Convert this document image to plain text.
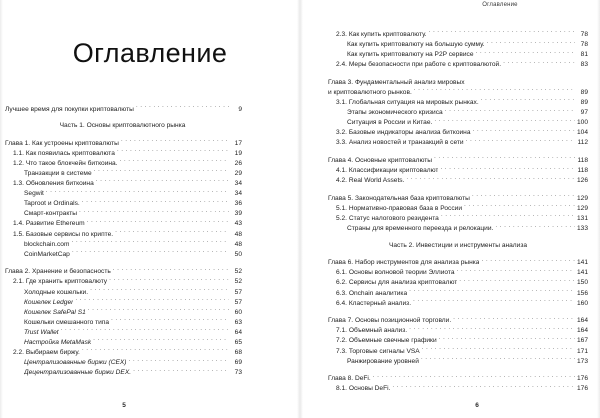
Оглавление
Лучшее время для покупки криптовалюты . . .	9
Часть 1. Основы криптовалютного рынка
Глава 1. Как устроены криптовалюты . . .	17
1.1. Как появилась криптовалюта . . .	19
1.2. Что такое блокчейн биткоина. . . .	26
Транзакции в системе . . .	29
1.3. Обновления биткоина . . .	34
Segwit . . .	34
Taproot и Ordinals. . . .	36
Смарт-контракты . . .	39
1.4. Развитие Ethereum . . .	43
1.5. Базовые сервисы по крипте. . . .	48
blockchain.com . . .	48
CoinMarketCap . . .	50
Глава 2. Хранение и безопасность . . .	52
2.1. Где хранить криптовалюту . . .	52
Холодные кошельки. . . .	57
Кошелек Ledger . . .	57
Кошелек SafePal S1 . . .	60
Кошельки смешанного типа . . .	63
Trust Wallet . . .	64
Настройка MetaMask . . .	65
2.2. Выбираем биржу. . . .	68
Централизованные биржи (CEX) . . .	69
Децентрализованные биржи DEX. . . .	73
5
Оглавление
2.3. Как купить криптовалюту. . . .	78
Как купить криптовалюту на большую сумму. . . .	78
Как купить криптовалюту на P2P сервисе . . .	81
2.4. Меры безопасности при работе с криптовалютой. . . .	83
Глава 3. Фундаментальный анализ мировых
и криптовалютного рынков. . . .	89
3.1. Глобальная ситуация на мировых рынках. . . .	89
Этапы экономического кризиса . . .	97
Ситуация в России и Китае. . . .	100
3.2. Базовые индикаторы анализа биткоина . . .	104
3.3. Анализ новостей и транзакций в сети . . .	112
Глава 4. Основные криптовалюты . . .	118
4.1. Классификации криптовалют . . .	118
4.2. Real World Assets. . . .	126
Глава 5. Законодательная база криптовалюты . . .	129
5.1. Нормативно-правовая база в России . . .	129
5.2. Статус налогового резидента . . .	131
Страны для временного переезда и релокации. . . .	133
Часть 2. Инвестиции и инструменты анализа
Глава 6. Набор инструментов для анализа рынка . . .	141
6.1. Основы волновой теории Эллиота . . .	141
6.2. Сервисы для анализа криптовалют . . .	150
6.3. Onchain аналитика . . .	156
6.4. Кластерный анализ. . . .	160
Глава 7. Основы позиционной торговли. . . .	164
7.1. Объемный анализ. . . .	164
7.2. Объемные свечные графики . . .	167
7.3. Торговые сигналы VSA . . .	171
Ранжирование уровней . . .	173
Глава 8. DeFi. . . .	176
8.1. Основы DeFi. . . .	176
6
